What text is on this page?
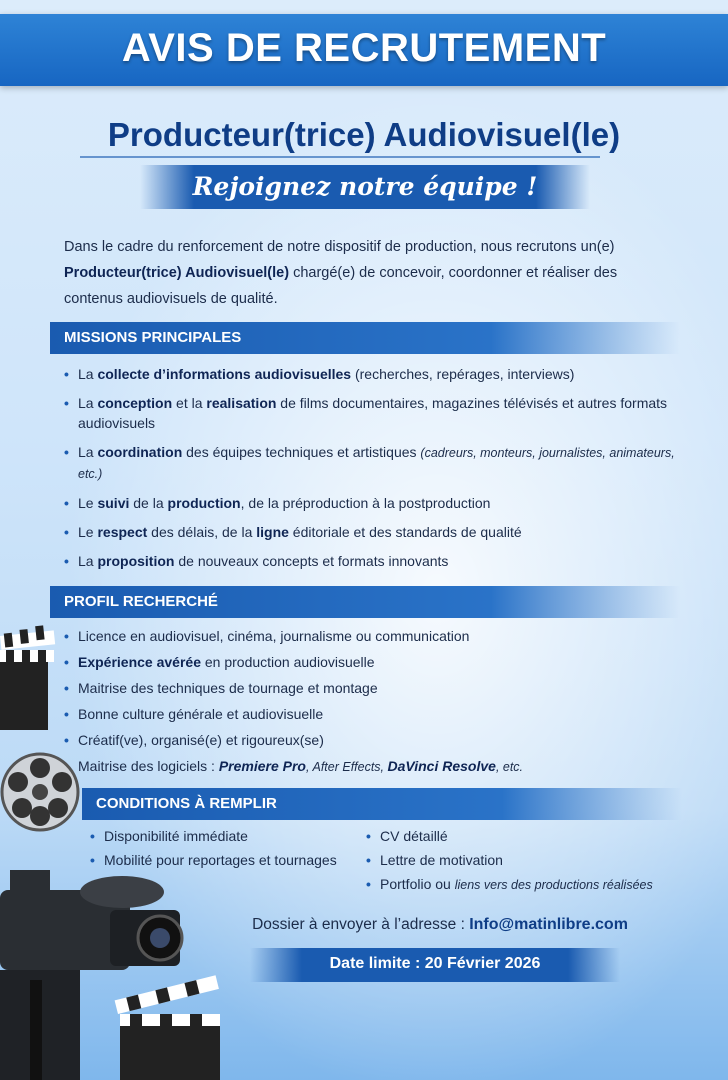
AVIS DE RECRUTEMENT
Producteur(trice) Audiovisuel(le)
Rejoignez notre équipe !
Dans le cadre du renforcement de notre dispositif de production, nous recrutons un(e) Producteur(trice) Audiovisuel(le) chargé(e) de concevoir, coordonner et réaliser des contenus audiovisuels de qualité.
MISSIONS PRINCIPALES
• La collecte d’informations audiovisuelles (recherches, repérages, interviews)
• La conception et la realisation de films documentaires, magazines télévisés et autres formats audiovisuels
• La coordination des équipes techniques et artistiques (cadreurs, monteurs, journalistes, animateurs, etc.)
• Le suivi de la production, de la préproduction à la postproduction
• Le respect des délais, de la ligne éditoriale et des standards de qualité
• La proposition de nouveaux concepts et formats innovants
PROFIL RECHERCHÉ
• Licence en audiovisuel, cinéma, journalisme ou communication
• Expérience avérée en production audiovisuelle
• Maitrise des techniques de tournage et montage
• Bonne culture générale et audiovisuelle
• Créatif(ve), organisé(e) et rigoureux(se)
Maitrise des logiciels : Premiere Pro, After Effects, DaVinci Resolve, etc.
CONDITIONS À REMPLIR
• Disponibilité immédiate
• Mobilité pour reportages et tournages
• CV détaillé
• Lettre de motivation
• Portfolio ou liens vers des productions réalisées
Dossier à envoyer à l’adresse : Info@matinlibre.com
Date limite : 20 Février 2026
